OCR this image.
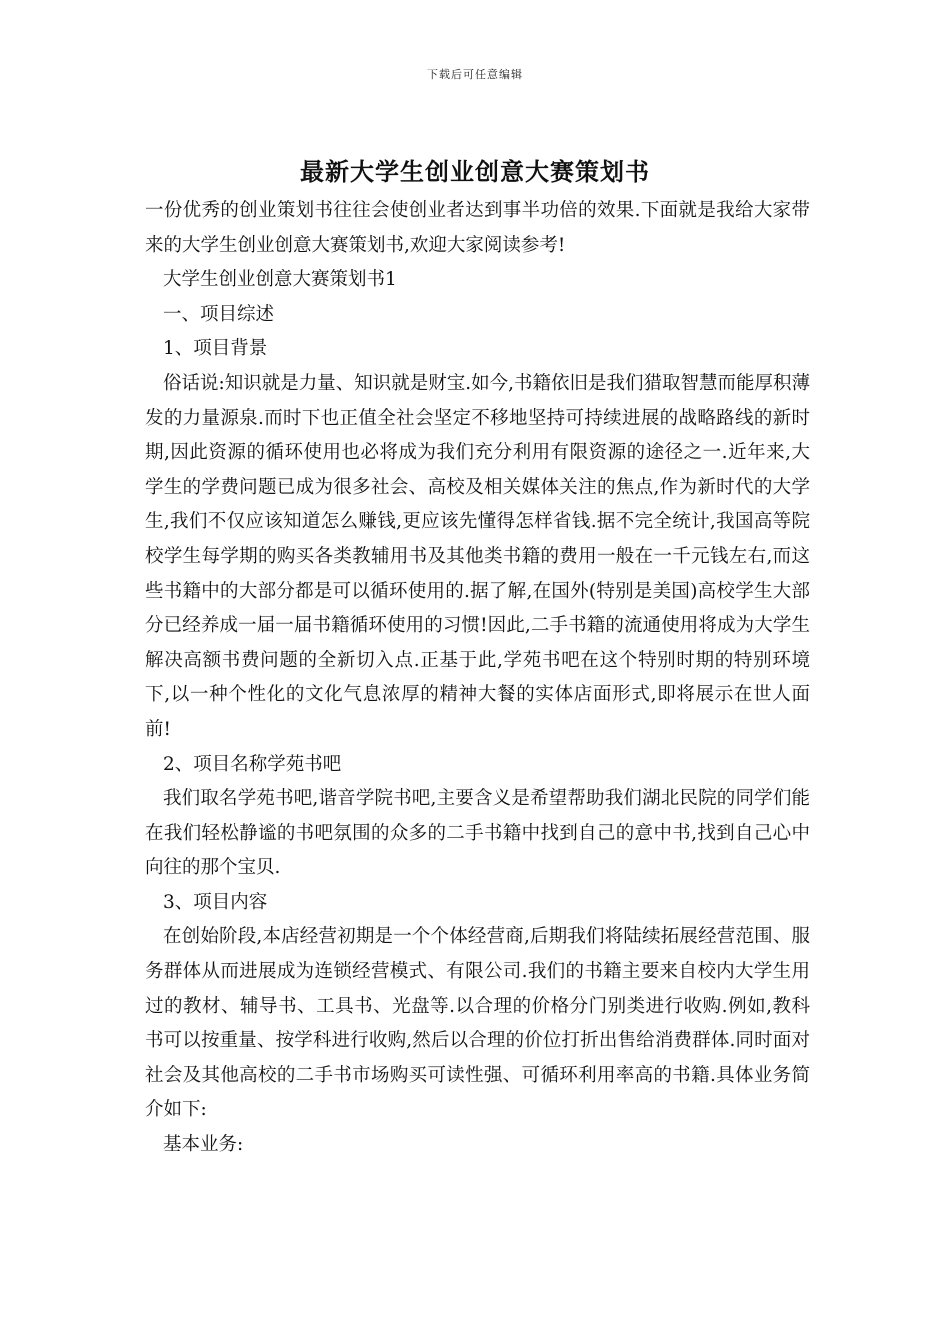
下载后可任意编辑
最新大学生创业创意大赛策划书

一份优秀的创业策划书往往会使创业者达到事半功倍的效果.下面就是我给大家带来的大学生创业创意大赛策划书,欢迎大家阅读参考!

大学生创业创意大赛策划书1

一、项目综述

1、项目背景

俗话说:知识就是力量、知识就是财宝.如今,书籍依旧是我们猎取智慧而能厚积薄发的力量源泉.而时下也正值全社会坚定不移地坚持可持续进展的战略路线的新时期,因此资源的循环使用也必将成为我们充分利用有限资源的途径之一.近年来,大学生的学费问题已成为很多社会、高校及相关媒体关注的焦点,作为新时代的大学生,我们不仅应该知道怎么赚钱,更应该先懂得怎样省钱.据不完全统计,我国高等院校学生每学期的购买各类教辅用书及其他类书籍的费用一般在一千元钱左右,而这些书籍中的大部分都是可以循环使用的.据了解,在国外(特别是美国)高校学生大部分已经养成一届一届书籍循环使用的习惯!因此,二手书籍的流通使用将成为大学生解决高额书费问题的全新切入点.正基于此,学苑书吧在这个特别时期的特别环境下,以一种个性化的文化气息浓厚的精神大餐的实体店面形式,即将展示在世人面前!

2、项目名称学苑书吧

我们取名学苑书吧,谐音学院书吧,主要含义是希望帮助我们湖北民院的同学们能在我们轻松静谧的书吧氛围的众多的二手书籍中找到自己的意中书,找到自己心中向往的那个宝贝.

3、项目内容

在创始阶段,本店经营初期是一个个体经营商,后期我们将陆续拓展经营范围、服务群体从而进展成为连锁经营模式、有限公司.我们的书籍主要来自校内大学生用过的教材、辅导书、工具书、光盘等.以合理的价格分门别类进行收购.例如,教科书可以按重量、按学科进行收购,然后以合理的价位打折出售给消费群体.同时面对社会及其他高校的二手书市场购买可读性强、可循环利用率高的书籍.具体业务简介如下:

基本业务:
